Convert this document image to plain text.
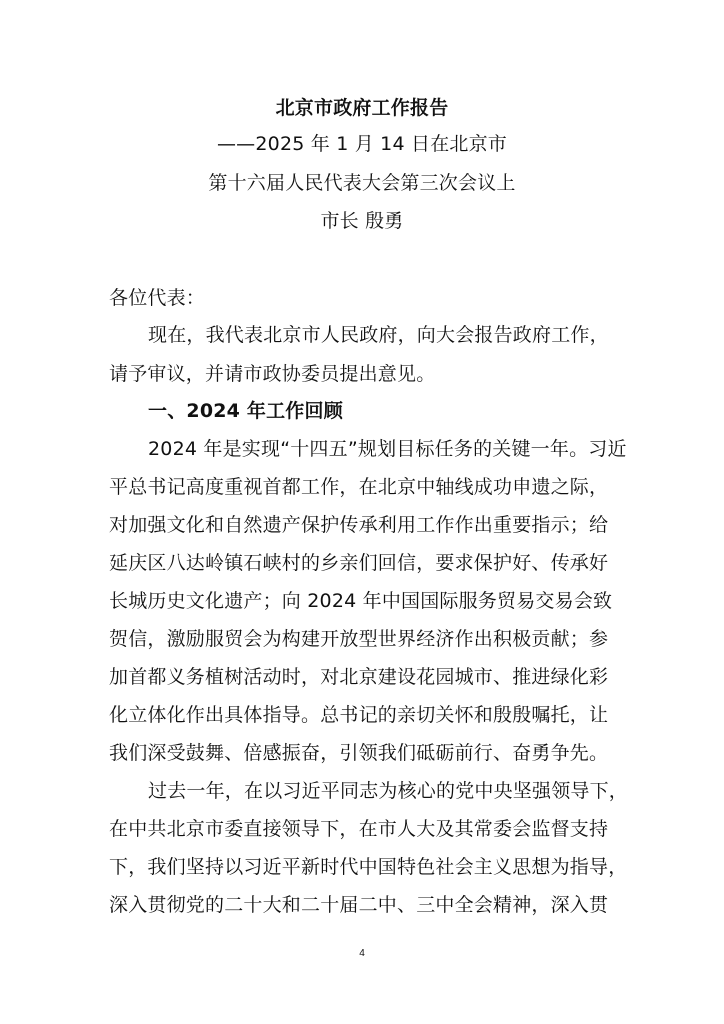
北京市政府工作报告
——2025 年 1 月 14 日在北京市
第十六届人民代表大会第三次会议上
市长 殷勇
各位代表：
现在，我代表北京市人民政府，向大会报告政府工作，
请予审议，并请市政协委员提出意见。
一、2024 年工作回顾
2024 年是实现“十四五”规划目标任务的关键一年。习近
平总书记高度重视首都工作，在北京中轴线成功申遗之际，
对加强文化和自然遗产保护传承利用工作作出重要指示；给
延庆区八达岭镇石峡村的乡亲们回信，要求保护好、传承好
长城历史文化遗产；向 2024 年中国国际服务贸易交易会致
贺信，激励服贸会为构建开放型世界经济作出积极贡献；参
加首都义务植树活动时，对北京建设花园城市、推进绿化彩
化立体化作出具体指导。总书记的亲切关怀和殷殷嘱托，让
我们深受鼓舞、倍感振奋，引领我们砥砺前行、奋勇争先。
过去一年，在以习近平同志为核心的党中央坚强领导下，
在中共北京市委直接领导下，在市人大及其常委会监督支持
下，我们坚持以习近平新时代中国特色社会主义思想为指导，
深入贯彻党的二十大和二十届二中、三中全会精神，深入贯
4
